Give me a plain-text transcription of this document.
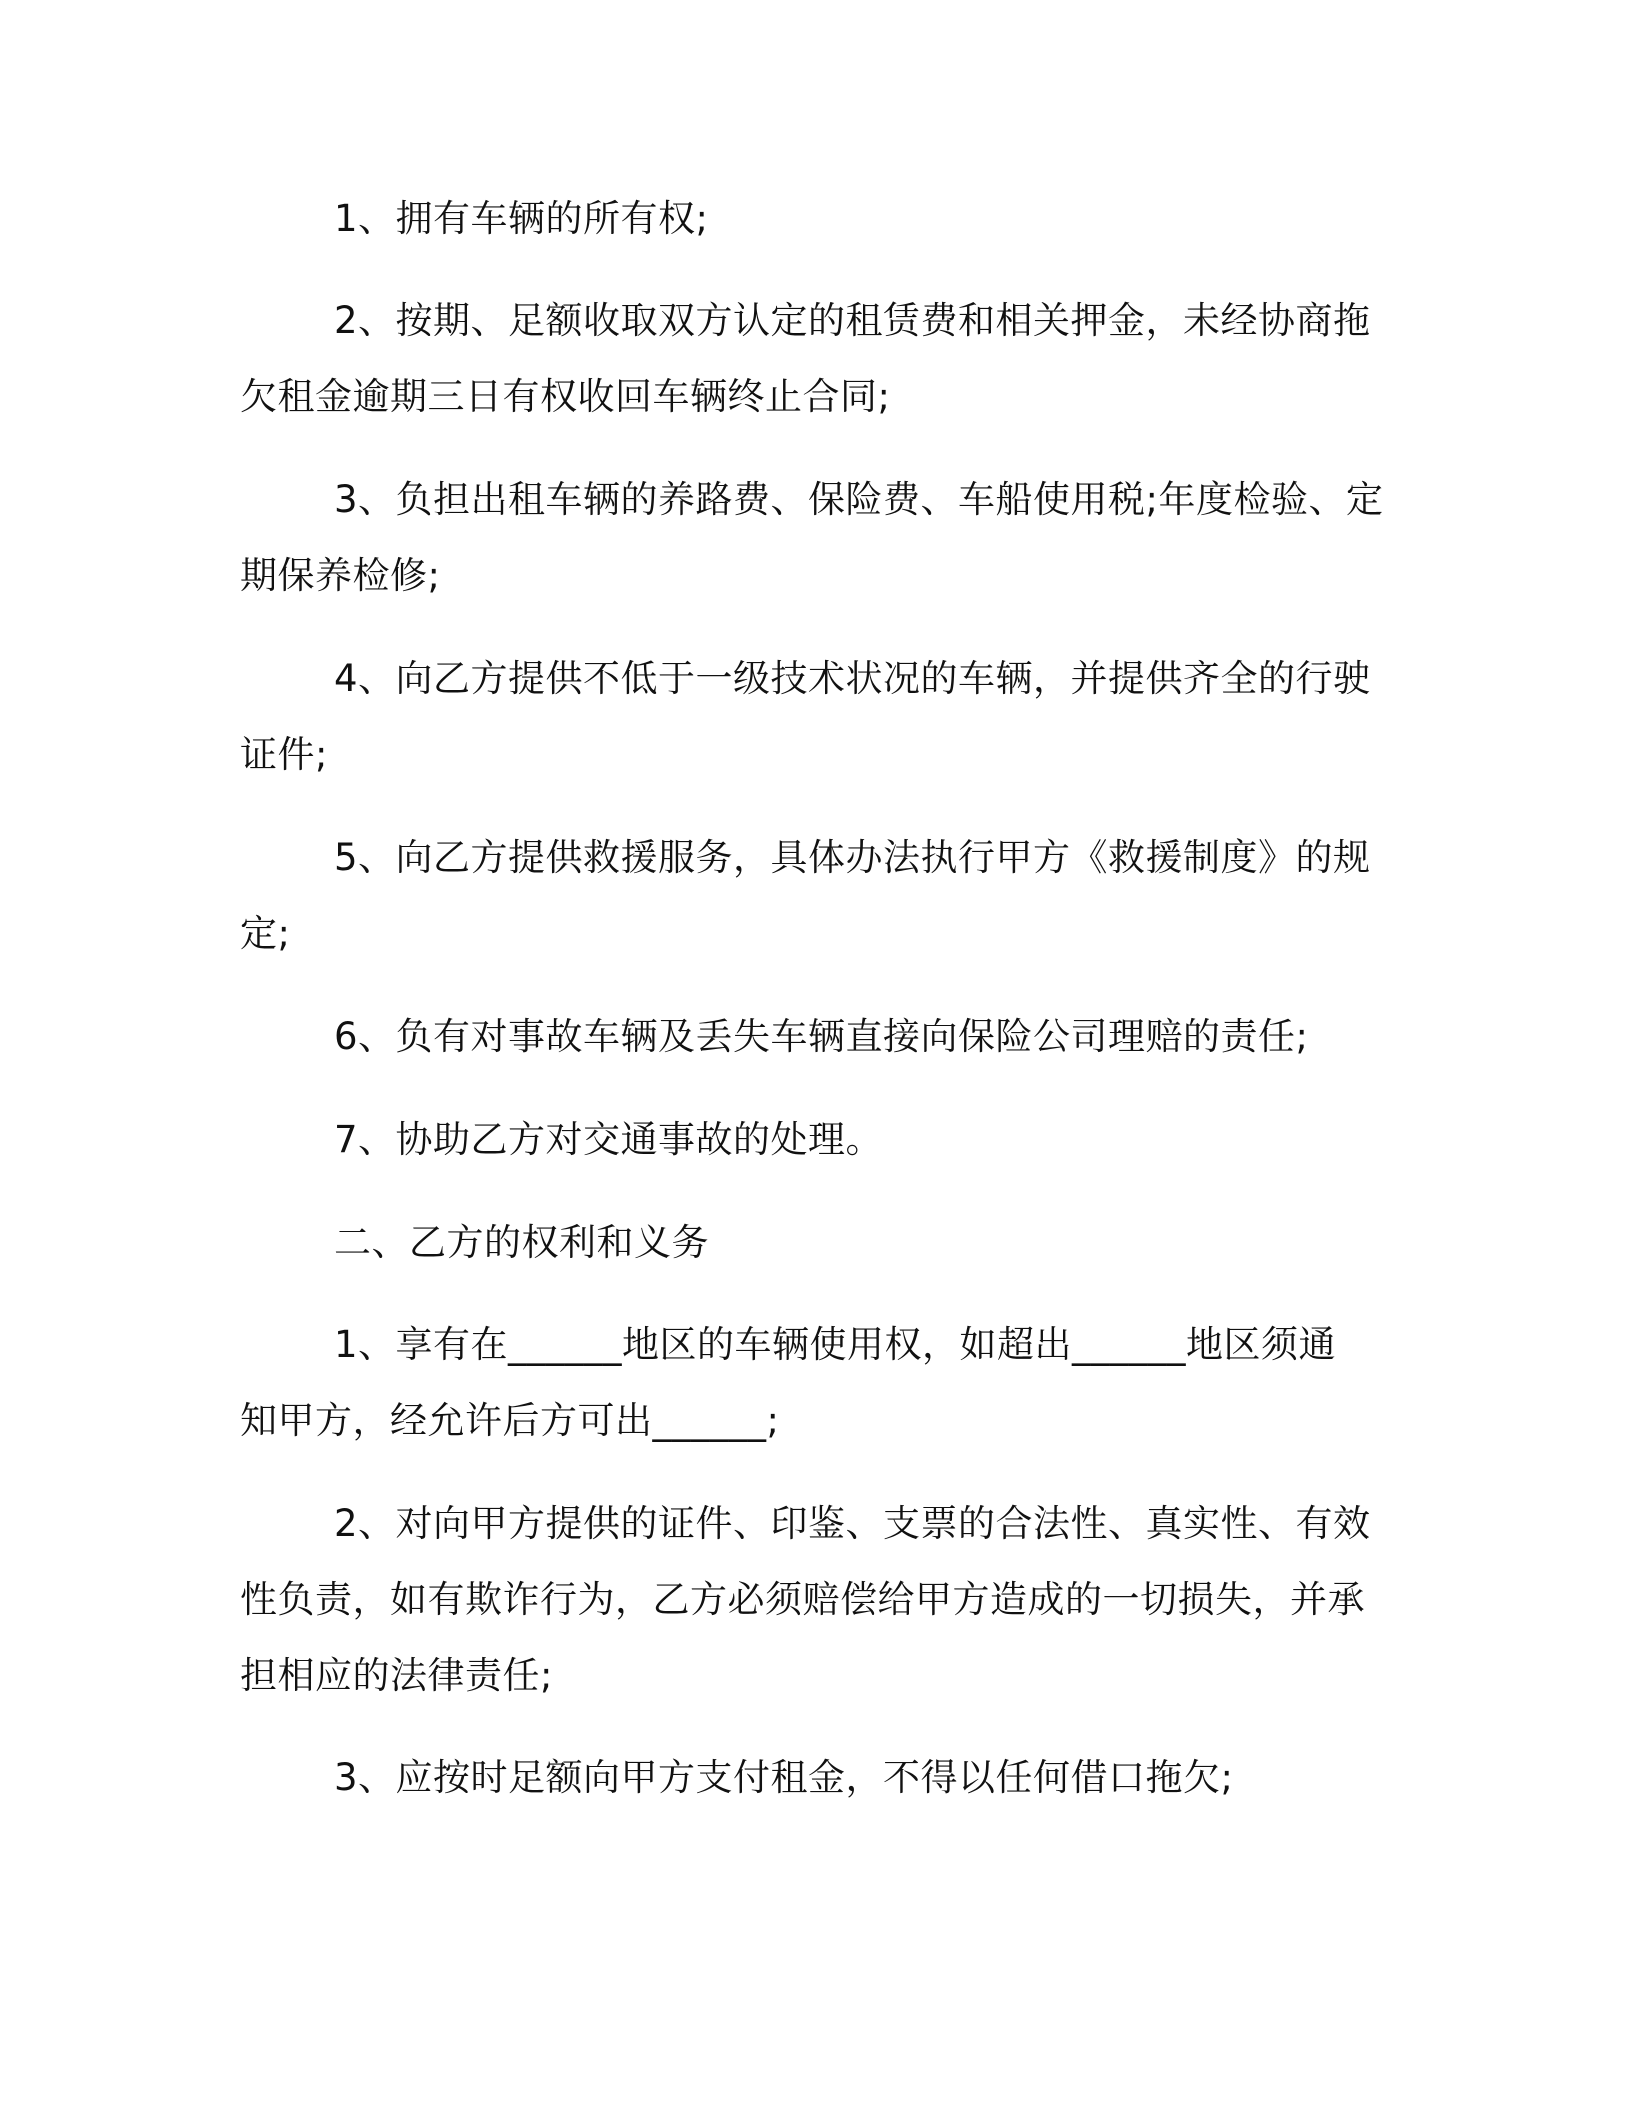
1、拥有车辆的所有权;

2、按期、足额收取双方认定的租赁费和相关押金，未经协商拖
欠租金逾期三日有权收回车辆终止合同;

3、负担出租车辆的养路费、保险费、车船使用税;年度检验、定
期保养检修;

4、向乙方提供不低于一级技术状况的车辆，并提供齐全的行驶
证件;

5、向乙方提供救援服务，具体办法执行甲方《救援制度》的规
定;

6、负有对事故车辆及丢失车辆直接向保险公司理赔的责任;

7、协助乙方对交通事故的处理。

二、乙方的权利和义务

1、享有在______地区的车辆使用权，如超出______地区须通
知甲方，经允许后方可出______;

2、对向甲方提供的证件、印鉴、支票的合法性、真实性、有效
性负责，如有欺诈行为，乙方必须赔偿给甲方造成的一切损失，并承
担相应的法律责任;

3、应按时足额向甲方支付租金，不得以任何借口拖欠;
